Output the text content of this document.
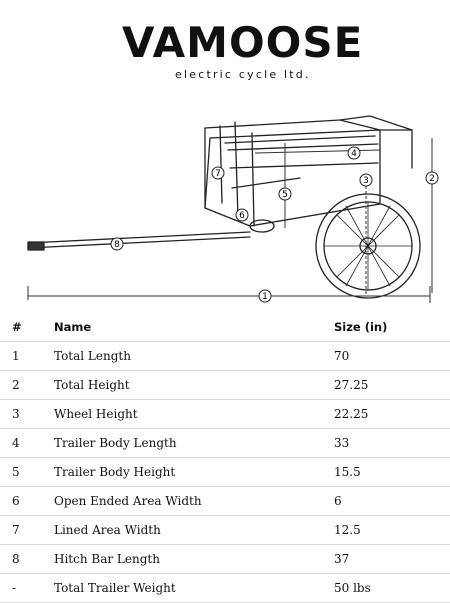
VAMOOSE
electric cycle ltd.
1
2
3
4
5
6
7
8
#	Name	Size (in)
1	Total Length	70
2	Total Height	27.25
3	Wheel Height	22.25
4	Trailer Body Length	33
5	Trailer Body Height	15.5
6	Open Ended Area Width	6
7	Lined Area Width	12.5
8	Hitch Bar Length	37
-	Total Trailer Weight	50 lbs
